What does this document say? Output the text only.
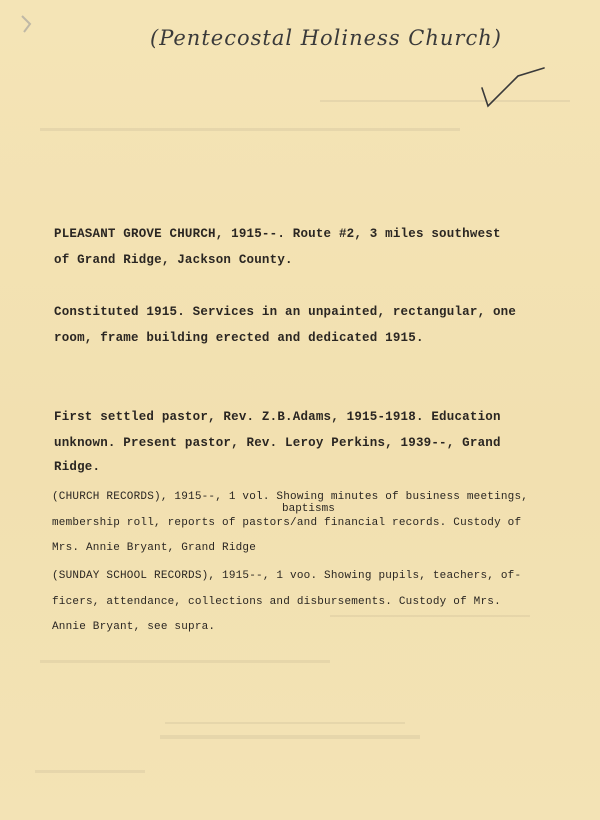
(Pentecostal Holiness Church)
PLEASANT GROVE CHURCH, 1915--. Route #2, 3 miles southwest
of Grand Ridge, Jackson County.
Constituted 1915. Services in an unpainted, rectangular, one
room, frame building erected and dedicated 1915.
First settled pastor, Rev. Z.B.Adams, 1915-1918. Education
unknown. Present pastor, Rev. Leroy Perkins, 1939--, Grand
Ridge.
(CHURCH RECORDS), 1915--, 1 vol. Showing minutes of business meetings,
baptisms
membership roll, reports of pastors/and financial records. Custody of
Mrs. Annie Bryant, Grand Ridge
(SUNDAY SCHOOL RECORDS), 1915--, 1 voo. Showing pupils, teachers, of-
ficers, attendance, collections and disbursements. Custody of Mrs.
Annie Bryant, see supra.
